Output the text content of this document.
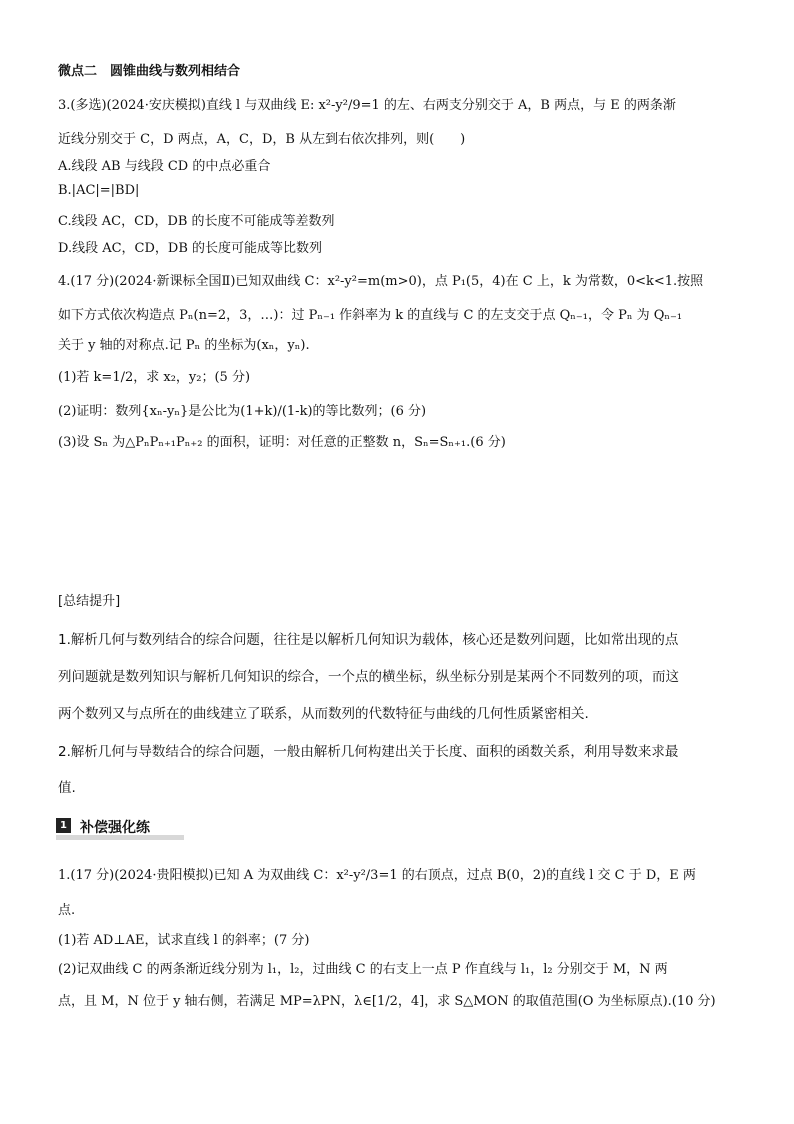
微点二　圆锥曲线与数列相结合
3.(多选)(2024·安庆模拟)直线 l 与双曲线 E: x²-y²/9=1 的左、右两支分别交于 A，B 两点，与 E 的两条渐
近线分别交于 C，D 两点，A，C，D，B 从左到右依次排列，则(　　)
A.线段 AB 与线段 CD 的中点必重合
B.|AC|=|BD|
C.线段 AC，CD，DB 的长度不可能成等差数列
D.线段 AC，CD，DB 的长度可能成等比数列
4.(17 分)(2024·新课标全国Ⅱ)已知双曲线 C：x²-y²=m(m>0)，点 P₁(5，4)在 C 上，k 为常数，0<k<1.按照
如下方式依次构造点 Pₙ(n=2，3，…)：过 Pₙ₋₁ 作斜率为 k 的直线与 C 的左支交于点 Qₙ₋₁，令 Pₙ 为 Qₙ₋₁
关于 y 轴的对称点.记 Pₙ 的坐标为(xₙ，yₙ).
(1)若 k=1/2，求 x₂，y₂；(5 分)
(2)证明：数列{xₙ-yₙ}是公比为(1+k)/(1-k)的等比数列；(6 分)
(3)设 Sₙ 为△PₙPₙ₊₁Pₙ₊₂ 的面积，证明：对任意的正整数 n，Sₙ=Sₙ₊₁.(6 分)
[总结提升]
1.解析几何与数列结合的综合问题，往往是以解析几何知识为载体，核心还是数列问题，比如常出现的点
列问题就是数列知识与解析几何知识的综合，一个点的横坐标，纵坐标分别是某两个不同数列的项，而这
两个数列又与点所在的曲线建立了联系，从而数列的代数特征与曲线的几何性质紧密相关.
2.解析几何与导数结合的综合问题，一般由解析几何构建出关于长度、面积的函数关系，利用导数来求最
值.
1 补偿强化练
1.(17 分)(2024·贵阳模拟)已知 A 为双曲线 C：x²-y²/3=1 的右顶点，过点 B(0，2)的直线 l 交 C 于 D，E 两
点.
(1)若 AD⊥AE，试求直线 l 的斜率；(7 分)
(2)记双曲线 C 的两条渐近线分别为 l₁，l₂，过曲线 C 的右支上一点 P 作直线与 l₁，l₂ 分别交于 M，N 两
点，且 M，N 位于 y 轴右侧，若满足 MP=λPN，λ∈[1/2，4]，求 S△MON 的取值范围(O 为坐标原点).(10 分)
